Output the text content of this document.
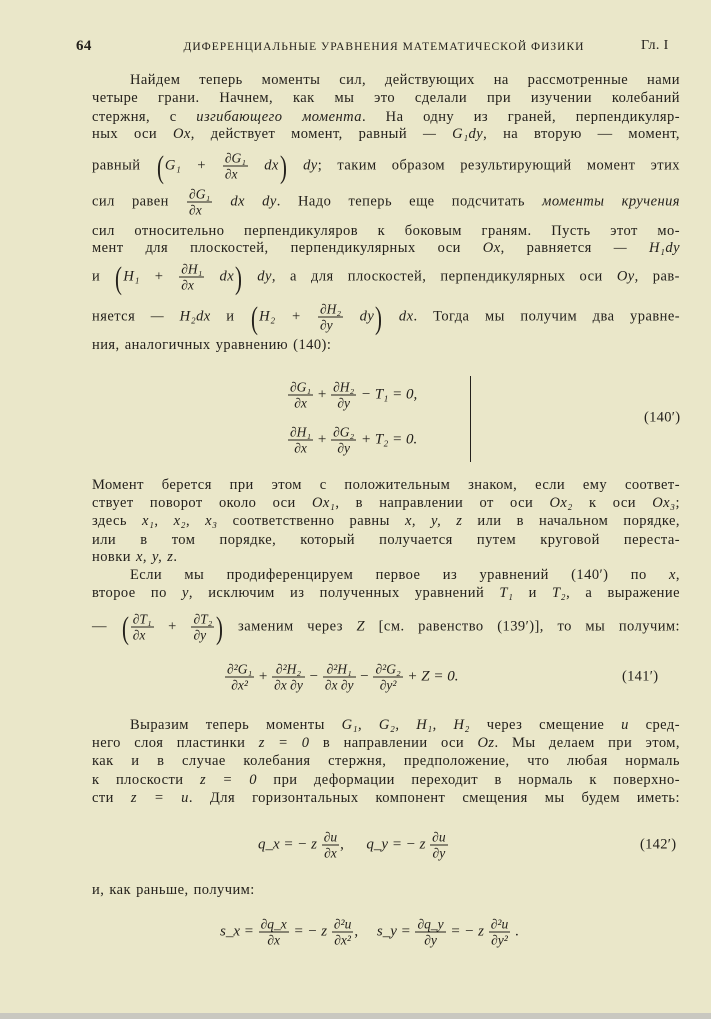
64	ДИФЕРЕНЦИАЛЬНЫЕ УРАВНЕНИЯ МАТЕМАТИЧЕСКОЙ ФИЗИКИ	Гл. I
Найдем теперь моменты сил, действующих на рассмотренные нами
четыре грани. Начнем, как мы это сделали при изучении колебаний
стержня, с изгибающего момента. На одну из граней, перпендикуляр-
ных оси Ox, действует момент, равный — G₁dy, на вторую — момент,
равный $(G_1 + \frac{\text{∂G₁}}{\partial x} dx)$ dy; таким образом результирующий момент этих
сил равен $\frac{\text{∂G₁}}{\partial x}$ dx dy. Надо теперь еще подсчитать моменты кручения
сил относительно перпендикуляров к боковым граням. Пусть этот мо-
мент для плоскостей, перпендикулярных оси Ox, равняется — H₁dy
и $(H_1 + \frac{\text{∂H₁}}{\partial x} dx)$ dy, а для плоскостей, перпендикулярных оси Oy, рав-
няется — H₂dx и $(H_2 + \frac{\text{∂H₂}}{\partial y} dy)$ dx. Тогда мы получим два уравне-
ния, аналогичных уравнению (140):
$\frac{\text{∂G₁}}{\partial x} + \frac{\text{∂H₂}}{\partial y} - T_1 = 0$,
$\frac{\text{∂H₁}}{\partial x} + \frac{\text{∂G₂}}{\partial y} + T_2 = 0$.
(140′)
Момент берется при этом с положительным знаком, если ему соответ-
ствует поворот около оси Ox₁, в направлении от оси Ox₂ к оси Ox₃;
здесь x₁, x₂, x₃ соответственно равны x, y, z или в начальном порядке,
или в том порядке, который получается путем круговой переста-
новки x, y, z.
Если мы продиференцируем первое из уравнений (140′) по x,
второе по y, исключим из полученных уравнений T₁ и T₂, а выражение
— ( $\frac{\text{∂T₁}}{\partial x} + \frac{\text{∂T₂}}{\partial y}$ ) заменим через Z [см. равенство (139′)], то мы получим:
$\frac{\text{∂²G₁}}{\text{∂x²}} + \frac{\text{∂²H₂}}{\partial x \partial y} - \frac{\text{∂²H₁}}{\partial x \partial y} - \frac{\text{∂²G₂}}{\text{∂y²}} + Z = 0$.	(141′)
Выразим теперь моменты G₁, G₂, H₁, H₂ через смещение u сред-
него слоя пластинки z = 0 в направлении оси Oz. Мы делаем при этом,
как и в случае колебания стержня, предположение, что любая нормаль
к плоскости z = 0 при деформации переходит в нормаль к поверхно-
сти z = u. Для горизонтальных компонент смещения мы будем иметь:
q_x = − z $\frac{\partial u}{\partial x}$ ,      q_y = − z $\frac{\partial u}{\partial y}$	(142′)
и, как раньше, получим:
s_x = $\frac{\partial q\_x}{\partial x}$ = − z $\frac{\text{∂²u}}{\text{∂x²}}$ ,     s_y = $\frac{\partial q\_y}{\partial y}$ = − z $\frac{\text{∂²u}}{\text{∂y²}}$ .
